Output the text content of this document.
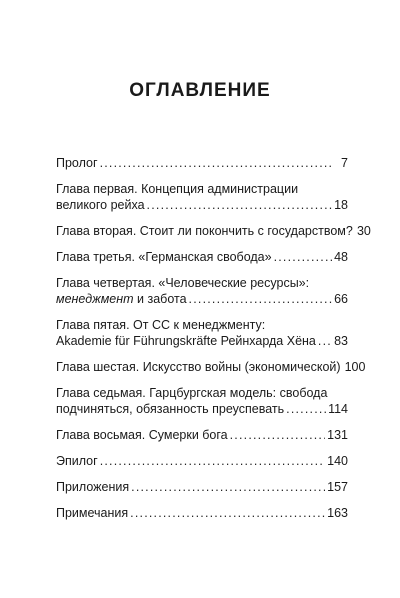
ОГЛАВЛЕНИЕ
Пролог .....	7
Глава первая. Концепция администрации
великого рейха .....	18
Глава вторая. Стоит ли покончить с государством? 30
Глава третья. «Германская свобода» .....	48
Глава четвертая. «Человеческие ресурсы»:
менеджмент и забота .....	66
Глава пятая. От СС к менеджменту:
Akademie für Führungskräfte Рейнхарда Хёна ..... 83
Глава шестая. Искусство войны (экономической) 100
Глава седьмая. Гарцбургская модель: свобода
подчиняться, обязанность преуспевать .....	114
Глава восьмая. Сумерки бога .....	131
Эпилог .....	140
Приложения .....	157
Примечания .....	163
